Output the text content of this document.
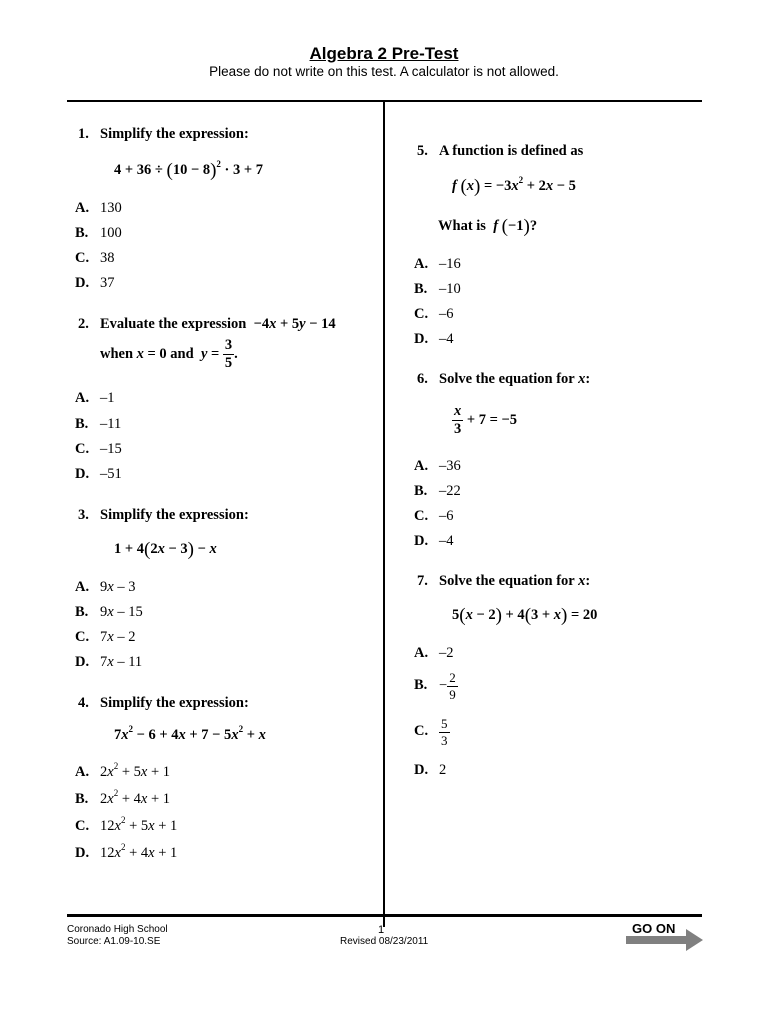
Algebra 2 Pre-Test
Please do not write on this test. A calculator is not allowed.
1. Simplify the expression:
$4 + 36 \div (10 - 8)^2 \cdot 3 + 7$
A. 130
B. 100
C. 38
D. 37
2. Evaluate the expression −4x + 5y − 14
when x = 0 and  $y = \frac{3}{5}$ .
A. –1
B. –11
C. –15
D. –51
3. Simplify the expression:
1 + 4(2x − 3) − x
A. 9x – 3
B. 9x – 15
C. 7x – 2
D. 7x – 11
4. Simplify the expression:
$7x^2 - 6 + 4x + 7 - 5x^2 + x$
A. $2x^2 + 5x + 1$
B. $2x^2 + 4x + 1$
C. $12x^2 + 5x + 1$
D. $12x^2 + 4x + 1$
5. A function is defined as
f $(x) = -3x^2 + 2x - 5$
What is  f (−1)?
A. –16
B. –10
C. –6
D. –4
6. Solve the equation for x:
$\frac{x}{3} + 7 = -5$
A. –36
B. –22
C. –6
D. –4
7. Solve the equation for x:
5(x − 2) + 4(3 + x) = 20
A. –2
B. − $\frac{2}{9}$
C. $\frac{5}{3}$
D. 2
Coronado High School
Source: A1.09-10.SE
1
Revised 08/23/2011
GO ON
